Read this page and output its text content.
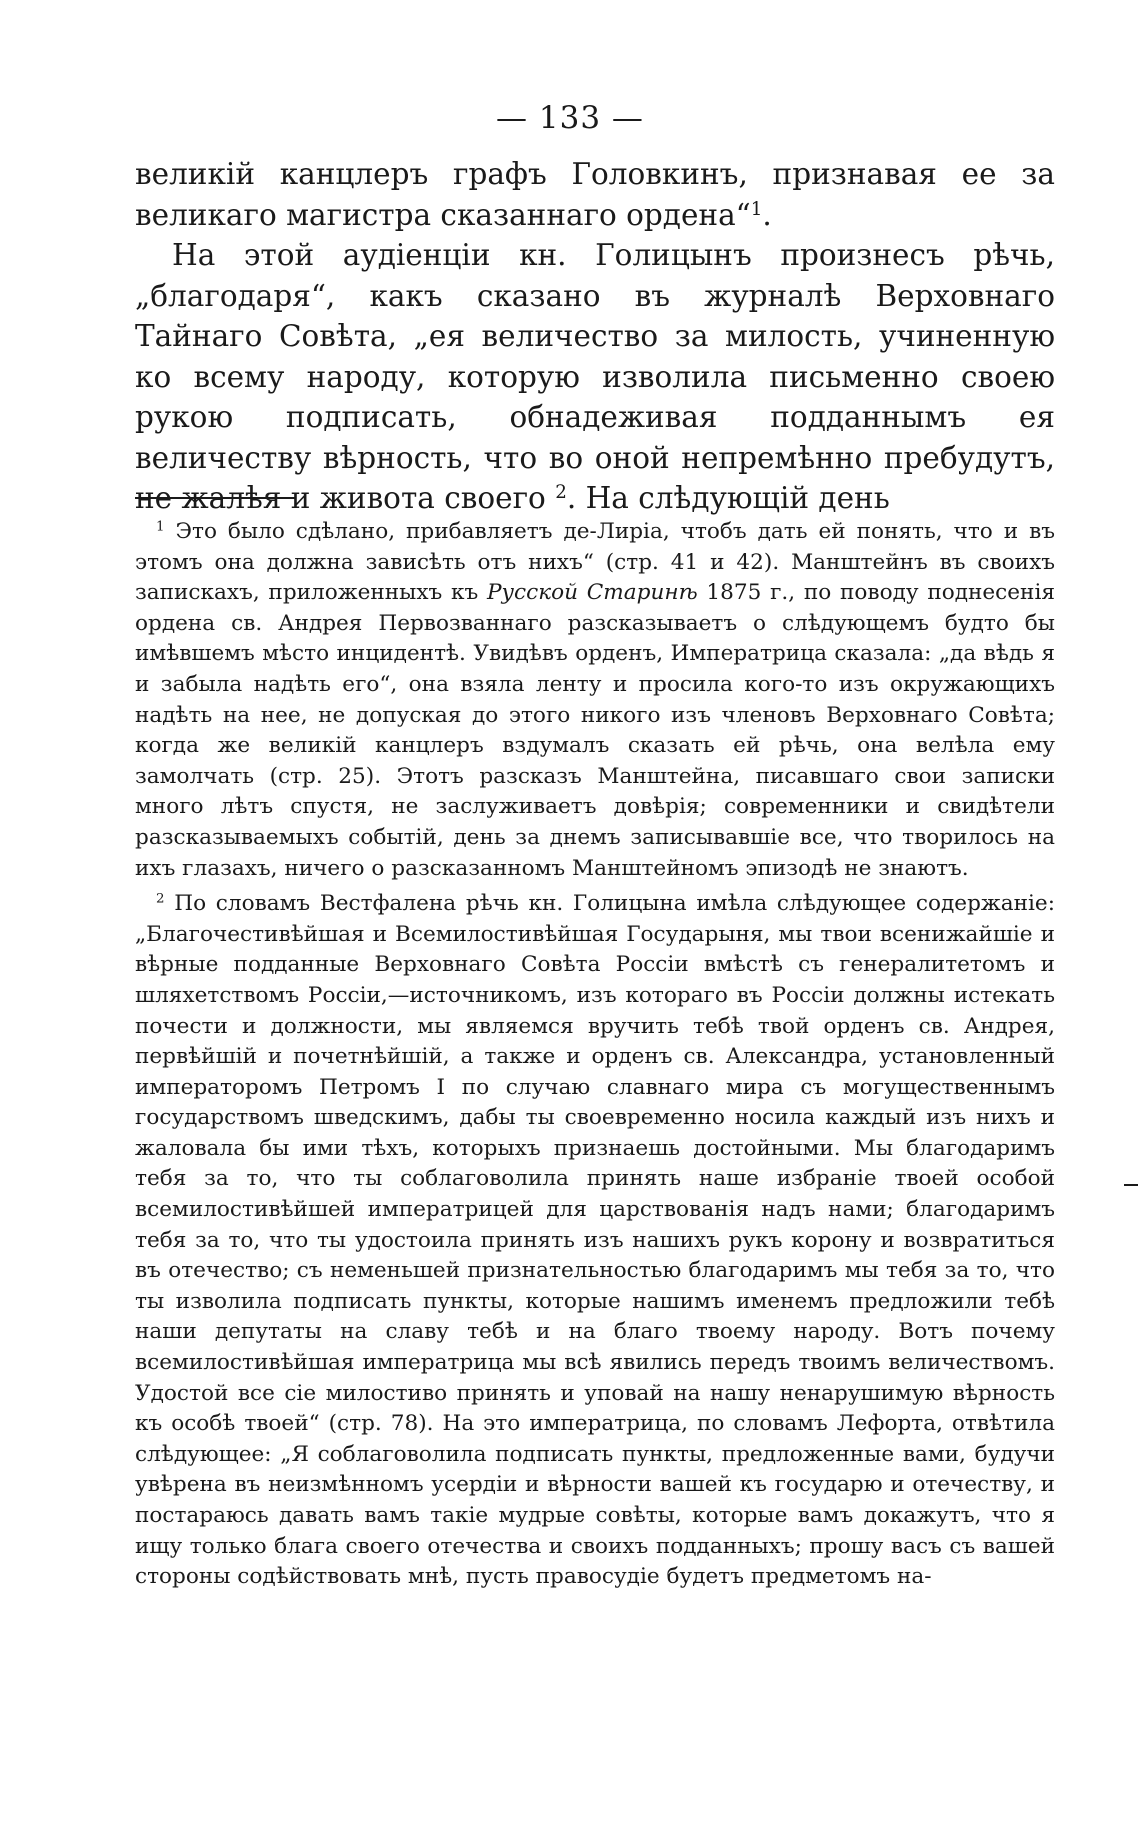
— 133 —

великій канцлеръ графъ Головкинъ, признавая ее за великаго магистра сказаннаго ордена“$^1$.

На этой аудіенціи кн. Голицынъ произнесъ рѣчь, „благодаря“, какъ сказано въ журналѣ Верховнаго Тайнаго Совѣта, „ея величество за милость, учиненную ко всему народу, которую изволила письменно своею рукою подписать, обнадеживая подданнымъ ея величеству вѣрность, что во оной непремѣнно пребудутъ, не жалѣя и живота своего $^2$. На слѣдующій день

$^1$ Это было сдѣлано, прибавляетъ де-Лиріа, чтобъ дать ей понять, что и въ этомъ она должна зависѣть отъ нихъ“ (стр. 41 и 42). Манштейнъ въ своихъ запискахъ, приложенныхъ къ Русской Старинѣ 1875 г., по поводу поднесенія ордена св. Андрея Первозваннаго разсказываетъ о слѣдующемъ будто бы имѣвшемъ мѣсто инцидентѣ. Увидѣвъ орденъ, Императрица сказала: „да вѣдь я и забыла надѣть его“, она взяла ленту и просила кого-то изъ окружающихъ надѣть на нее, не допуская до этого никого изъ членовъ Верховнаго Совѣта; когда же великій канцлеръ вздумалъ сказать ей рѣчь, она велѣла ему замолчать (стр. 25). Этотъ разсказъ Манштейна, писавшаго свои записки много лѣтъ спустя, не заслуживаетъ довѣрія; современники и свидѣтели разсказываемыхъ событій, день за днемъ записывавшіе все, что творилось на ихъ глазахъ, ничего о разсказанномъ Манштейномъ эпизодѣ не знаютъ.

$^2$ По словамъ Вестфалена рѣчь кн. Голицына имѣла слѣдующее содержаніе: „Благочестивѣйшая и Всемилостивѣйшая Государыня, мы твои всенижайшіе и вѣрные подданные Верховнаго Совѣта Россіи вмѣстѣ съ генералитетомъ и шляхетствомъ Россіи,—источникомъ, изъ котораго въ Россіи должны истекать почести и должности, мы являемся вручить тебѣ твой орденъ св. Андрея, первѣйшій и почетнѣйшій, а также и орденъ св. Александра, установленный императоромъ Петромъ I по случаю славнаго мира съ могущественнымъ государствомъ шведскимъ, дабы ты своевременно носила каждый изъ нихъ и жаловала бы ими тѣхъ, которыхъ признаешь достойными. Мы благодаримъ тебя за то, что ты соблаговолила принять наше избраніе твоей особой всемилостивѣйшей императрицей для царствованія надъ нами; благодаримъ тебя за то, что ты удостоила принять изъ нашихъ рукъ корону и возвратиться въ отечество; съ неменьшей признательностью благодаримъ мы тебя за то, что ты изволила подписать пункты, которые нашимъ именемъ предложили тебѣ наши депутаты на славу тебѣ и на благо твоему народу. Вотъ почему всемилостивѣйшая императрица мы всѣ явились передъ твоимъ величествомъ. Удостой все сіе милостиво принять и уповай на нашу ненарушимую вѣрность къ особѣ твоей“ (стр. 78). На это императрица, по словамъ Лефорта, отвѣтила слѣдующее: „Я соблаговолила подписать пункты, предложенные вами, будучи увѣрена въ неизмѣнномъ усердіи и вѣрности вашей къ государю и отечеству, и постараюсь давать вамъ такіе мудрые совѣты, которые вамъ докажутъ, что я ищу только блага своего отечества и своихъ подданныхъ; прошу васъ съ вашей стороны содѣйствовать мнѣ, пусть правосудіе будетъ предметомъ на-
